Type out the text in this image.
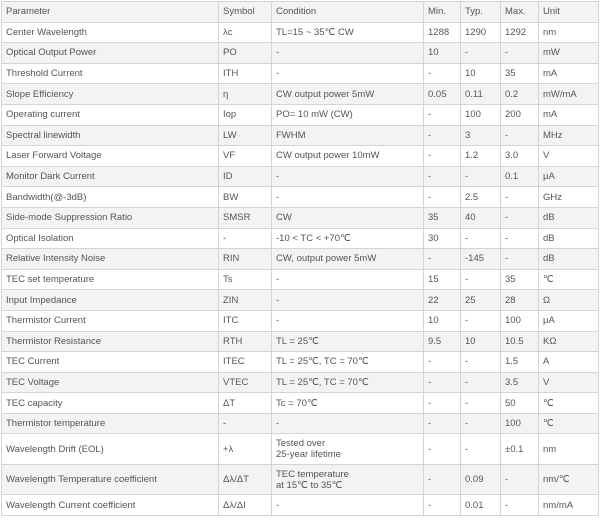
Parameter	Symbol	Condition	Min.	Typ.	Max.	Unit
Center Wavelength	λc	TL=15 ~ 35℃ CW	1288	1290	1292	nm
Optical Output Power	PO	-	10	-	-	mW
Threshold Current	ITH	-	-	10	35	mA
Slope Efficiency	η	CW output power 5mW	0.05	0.11	0.2	mW/mA
Operating current	Iop	PO= 10 mW (CW)	-	100	200	mA
Spectral linewidth	LW	FWHM	-	3	-	MHz
Laser Forward Voltage	VF	CW output power 10mW	-	1.2	3.0	V
Monitor Dark Current	ID	-	-	-	0.1	μA
Bandwidth(@-3dB)	BW	-	-	2.5	-	GHz
Side-mode Suppression Ratio	SMSR	CW	35	40	-	dB
Optical Isolation	-	-10 < TC < +70℃	30	-	-	dB
Relative Intensity Noise	RIN	CW, output power 5mW	-	-145	-	dB
TEC set temperature	Ts	-	15	-	35	℃
Input Impedance	ZIN	-	22	25	28	Ω
Thermistor Current	ITC	-	10	-	100	μA
Thermistor Resistance	RTH	TL = 25℃	9.5	10	10.5	KΩ
TEC Current	ITEC	TL = 25℃, TC = 70℃	-	-	1.5	A
TEC Voltage	VTEC	TL = 25℃, TC = 70℃	-	-	3.5	V
TEC capacity	ΔT	Tc = 70℃	-	-	50	℃
Thermistor temperature	-	-	-	-	100	℃
Wavelength Drift (EOL)	+λ	Tested over
25-year lifetime	-	-	±0.1	nm
Wavelength Temperature coefficient	Δλ/ΔT	TEC temperature
at 15℃ to 35℃	-	0.09	-	nm/℃
Wavelength Current coefficient	Δλ/ΔI	-	-	0.01	-	nm/mA
